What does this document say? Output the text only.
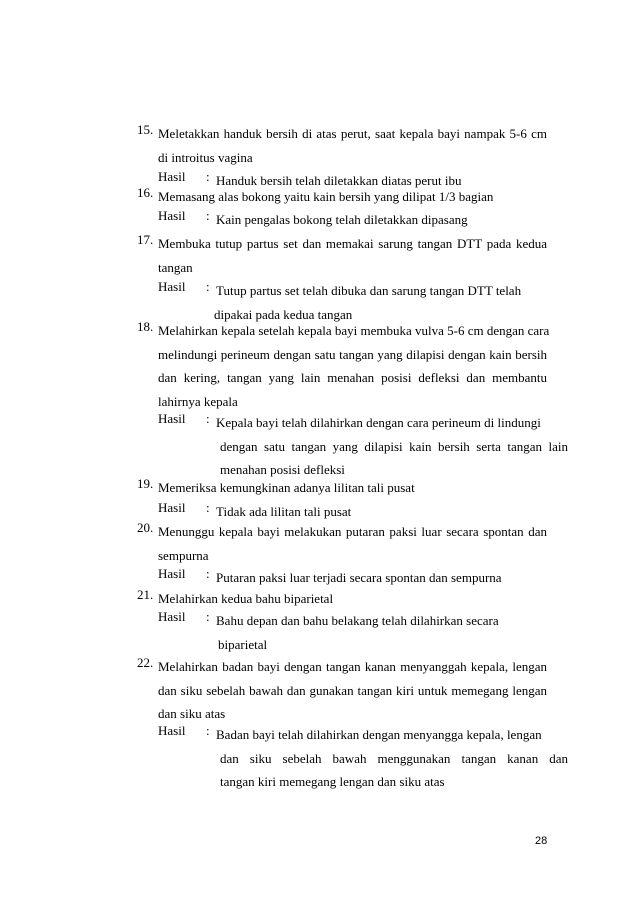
15. Meletakkan handuk bersih di atas perut, saat kepala bayi nampak 5-6 cm
di introitus vagina
Hasil : Handuk bersih telah diletakkan diatas perut ibu
16. Memasang alas bokong yaitu kain bersih yang dilipat 1/3 bagian
Hasil : Kain pengalas bokong telah diletakkan dipasang
17. Membuka tutup partus set dan memakai sarung tangan DTT pada kedua
tangan
Hasil : Tutup partus set telah dibuka dan sarung tangan DTT telah
dipakai pada kedua tangan
18. Melahirkan kepala setelah kepala bayi membuka vulva 5-6 cm dengan cara
melindungi perineum dengan satu tangan yang dilapisi dengan kain bersih
dan kering, tangan yang lain menahan posisi defleksi dan membantu
lahirnya kepala
Hasil : Kepala bayi telah dilahirkan dengan cara perineum di lindungi
dengan satu tangan yang dilapisi kain bersih serta tangan lain
menahan posisi defleksi
19. Memeriksa kemungkinan adanya lilitan tali pusat
Hasil : Tidak ada lilitan tali pusat
20. Menunggu kepala bayi melakukan putaran paksi luar secara spontan dan
sempurna
Hasil : Putaran paksi luar terjadi secara spontan dan sempurna
21. Melahirkan kedua bahu biparietal
Hasil : Bahu depan dan bahu belakang telah dilahirkan secara
biparietal
22. Melahirkan badan bayi dengan tangan kanan menyanggah kepala, lengan
dan siku sebelah bawah dan gunakan tangan kiri untuk memegang lengan
dan siku atas
Hasil : Badan bayi telah dilahirkan dengan menyangga kepala, lengan
dan siku sebelah bawah menggunakan tangan kanan dan
tangan kiri memegang lengan dan siku atas
28
